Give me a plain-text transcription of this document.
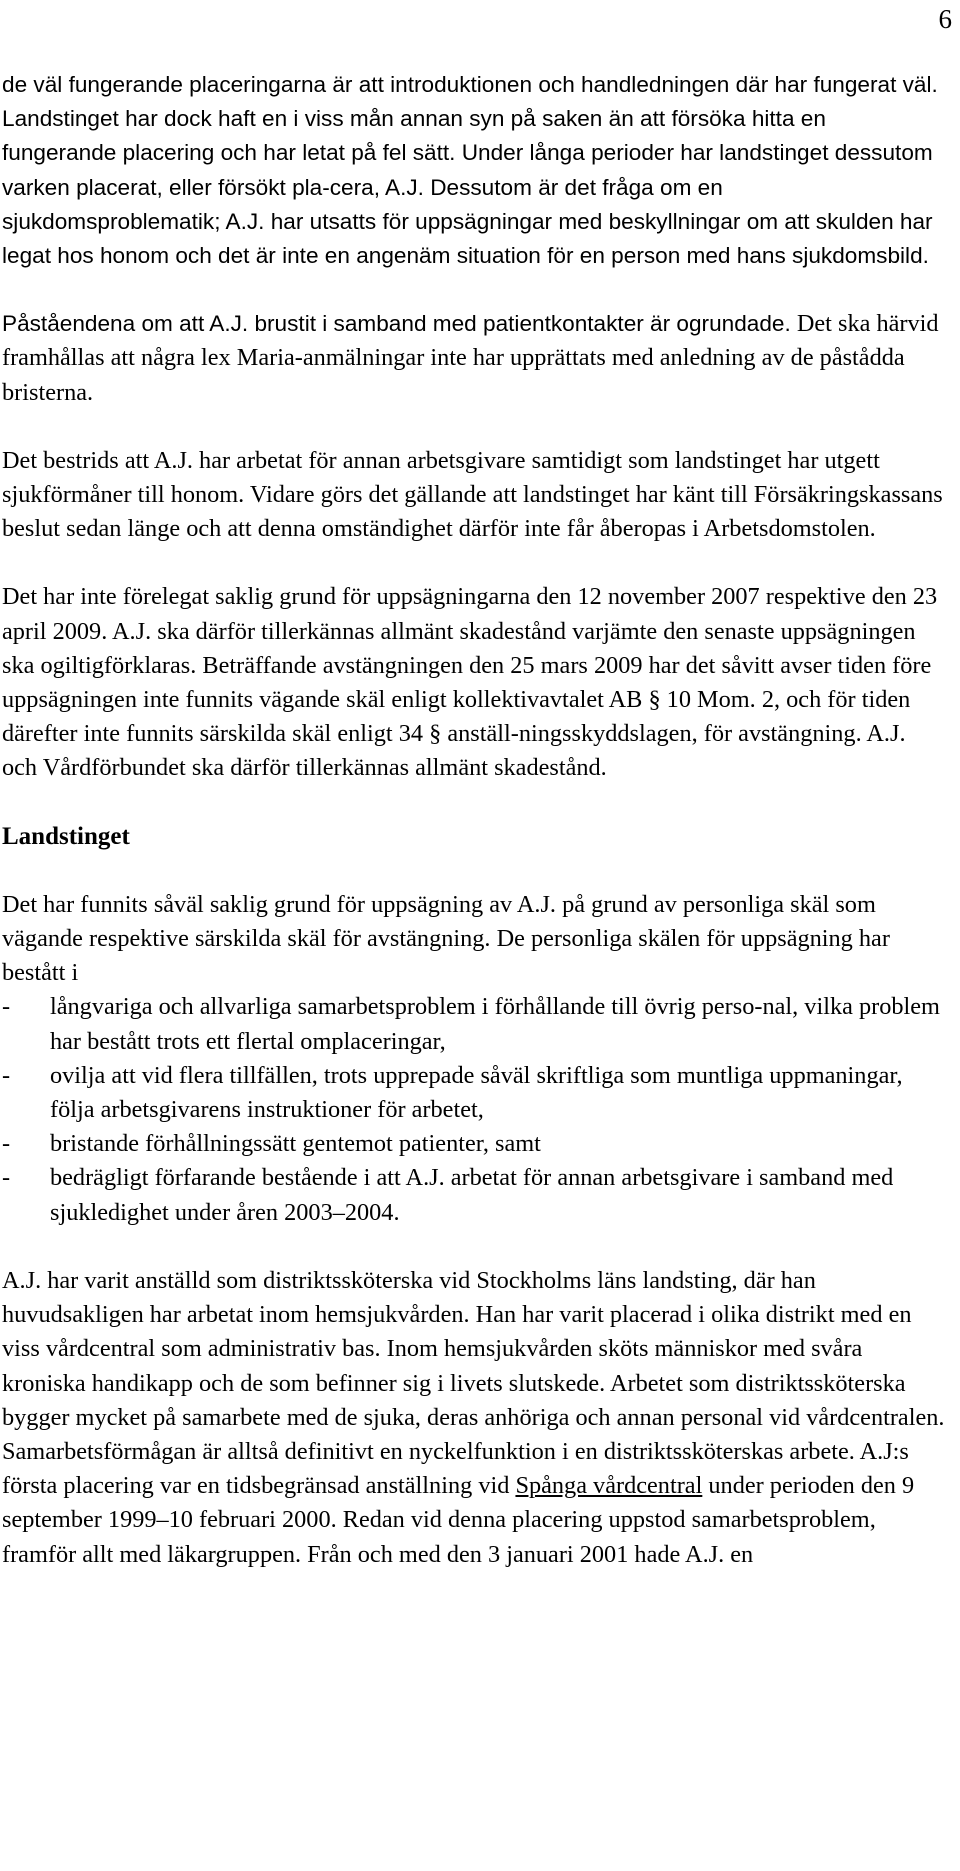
6

de väl fungerande placeringarna är att introduktionen och handledningen där har fungerat väl. Landstinget har dock haft en i viss mån annan syn på saken än att försöka hitta en fungerande placering och har letat på fel sätt. Under långa perioder har landstinget dessutom varken placerat, eller försökt pla-cera, A.J. Dessutom är det fråga om en sjukdomsproblematik; A.J. har utsatts för uppsägningar med beskyllningar om att skulden har legat hos honom och det är inte en angenäm situation för en person med hans sjukdomsbild.

Påståendena om att A.J. brustit i samband med patientkontakter är ogrundade. Det ska härvid framhållas att några lex Maria-anmälningar inte har upprättats med anledning av de påstådda bristerna.

Det bestrids att A.J. har arbetat för annan arbetsgivare samtidigt som landstinget har utgett sjukförmåner till honom. Vidare görs det gällande att landstinget har känt till Försäkringskassans beslut sedan länge och att denna omständighet därför inte får åberopas i Arbetsdomstolen.

Det har inte förelegat saklig grund för uppsägningarna den 12 november 2007 respektive den 23 april 2009. A.J. ska därför tillerkännas allmänt skadestånd varjämte den senaste uppsägningen ska ogiltigförklaras. Beträffande avstängningen den 25 mars 2009 har det såvitt avser tiden före uppsägningen inte funnits vägande skäl enligt kollektivavtalet AB § 10 Mom. 2, och för tiden därefter inte funnits särskilda skäl enligt 34 § anställ-ningsskyddslagen, för avstängning. A.J. och Vårdförbundet ska därför tillerkännas allmänt skadestånd.

Landstinget

Det har funnits såväl saklig grund för uppsägning av A.J. på grund av personliga skäl som vägande respektive särskilda skäl för avstängning. De personliga skälen för uppsägning har bestått i

- långvariga och allvarliga samarbetsproblem i förhållande till övrig perso-nal, vilka problem har bestått trots ett flertal omplaceringar,
- ovilja att vid flera tillfällen, trots upprepade såväl skriftliga som muntliga uppmaningar, följa arbetsgivarens instruktioner för arbetet,
- bristande förhållningssätt gentemot patienter, samt
- bedrägligt förfarande bestående i att A.J. arbetat för annan arbetsgivare i samband med sjukledighet under åren 2003–2004.

A.J. har varit anställd som distriktssköterska vid Stockholms läns landsting, där han huvudsakligen har arbetat inom hemsjukvården. Han har varit placerad i olika distrikt med en viss vårdcentral som administrativ bas. Inom hemsjukvården sköts människor med svåra kroniska handikapp och de som befinner sig i livets slutskede. Arbetet som distriktssköterska bygger mycket på samarbete med de sjuka, deras anhöriga och annan personal vid vårdcentralen. Samarbetsförmågan är alltså definitivt en nyckelfunktion i en distriktssköterskas arbete. A.J:s första placering var en tidsbegränsad anställning vid Spånga vårdcentral under perioden den 9 september 1999–10 februari 2000. Redan vid denna placering uppstod samarbetsproblem, framför allt med läkargruppen. Från och med den 3 januari 2001 hade A.J. en
